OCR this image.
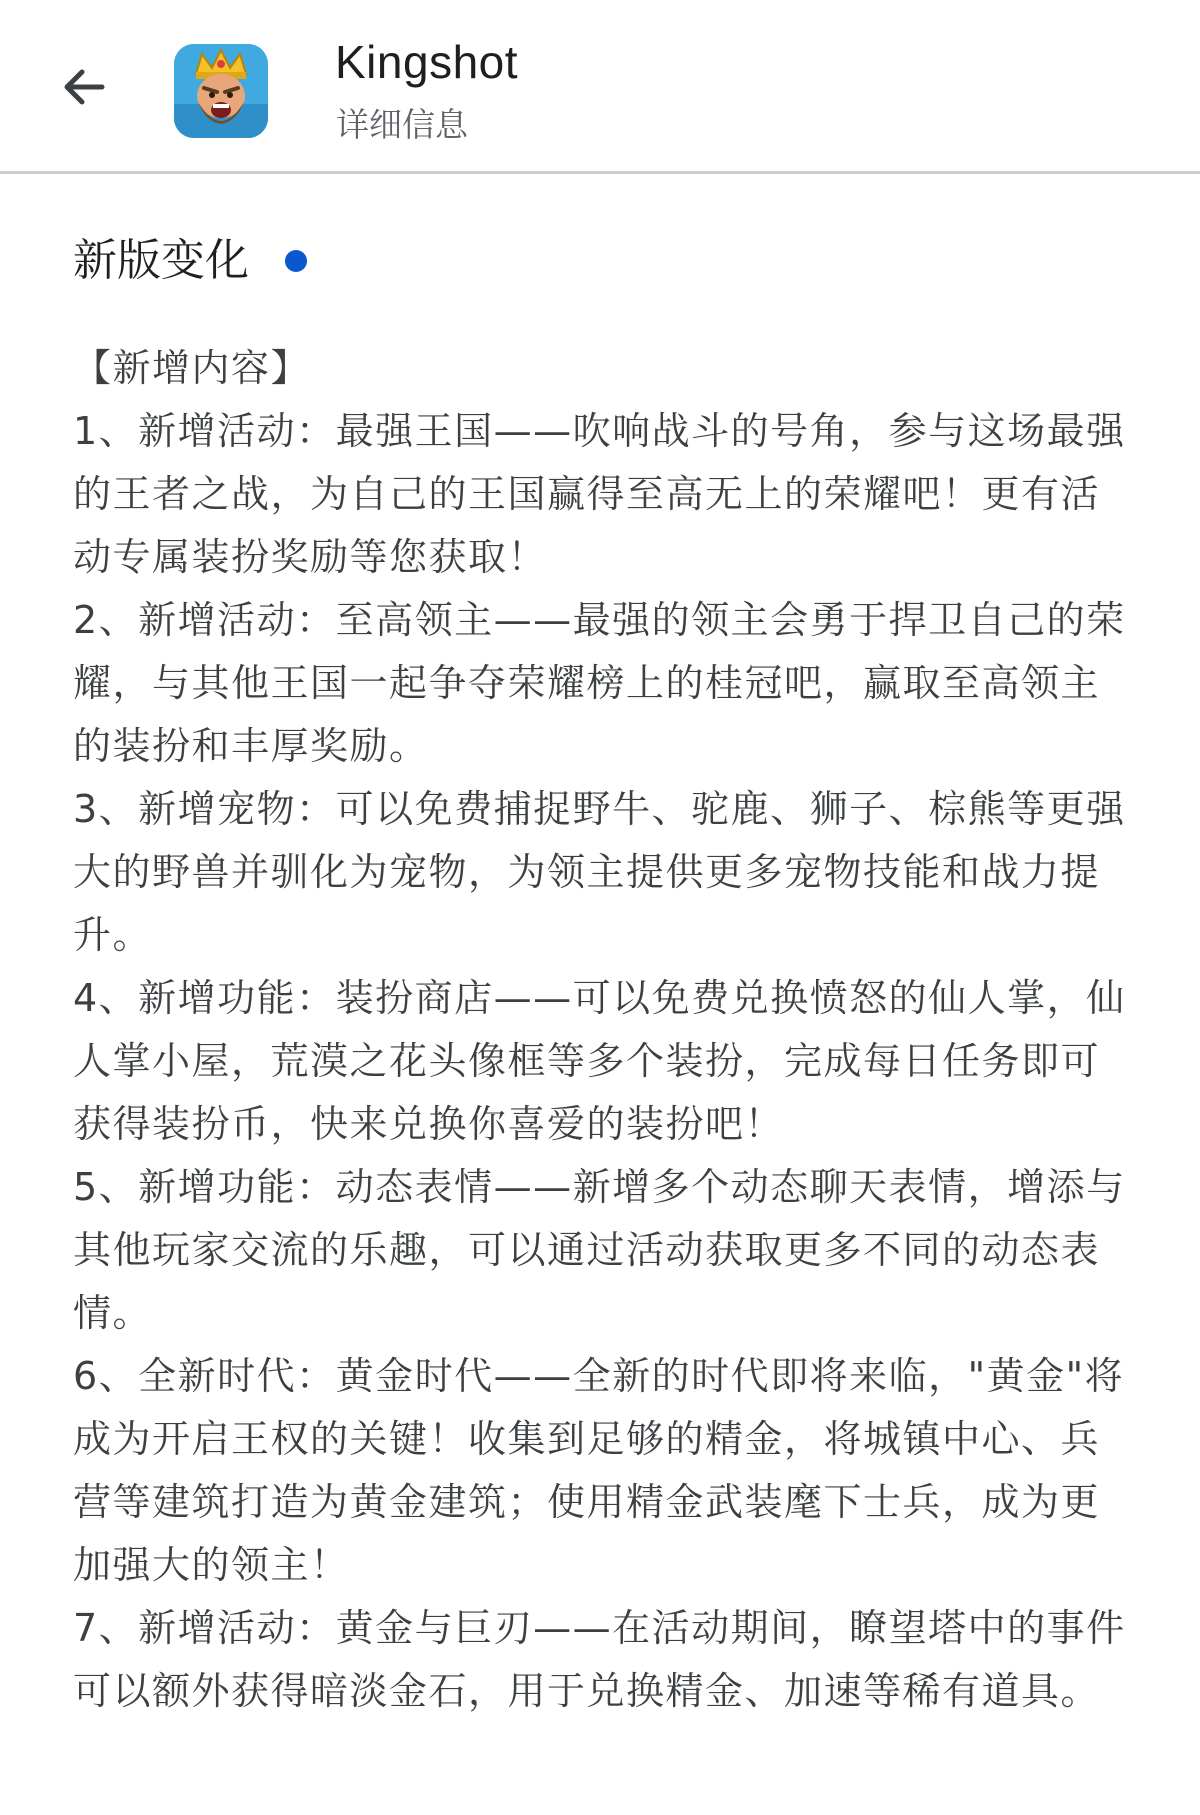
Kingshot
详细信息
新版变化

【新增内容】

1、新增活动：最强王国——吹响战斗的号角，参与这场最强的王者之战，为自己的王国赢得至高无上的荣耀吧！更有活动专属装扮奖励等您获取！

2、新增活动：至高领主——最强的领主会勇于捍卫自己的荣耀，与其他王国一起争夺荣耀榜上的桂冠吧，赢取至高领主的装扮和丰厚奖励。

3、新增宠物：可以免费捕捉野牛、驼鹿、狮子、棕熊等更强大的野兽并驯化为宠物，为领主提供更多宠物技能和战力提升。

4、新增功能：装扮商店——可以免费兑换愤怒的仙人掌，仙人掌小屋，荒漠之花头像框等多个装扮，完成每日任务即可获得装扮币，快来兑换你喜爱的装扮吧！

5、新增功能：动态表情——新增多个动态聊天表情，增添与其他玩家交流的乐趣，可以通过活动获取更多不同的动态表情。

6、全新时代：黄金时代——全新的时代即将来临，"黄金"将成为开启王权的关键！收集到足够的精金，将城镇中心、兵营等建筑打造为黄金建筑；使用精金武装麾下士兵，成为更加强大的领主！

7、新增活动：黄金与巨刃——在活动期间，瞭望塔中的事件可以额外获得暗淡金石，用于兑换精金、加速等稀有道具。
